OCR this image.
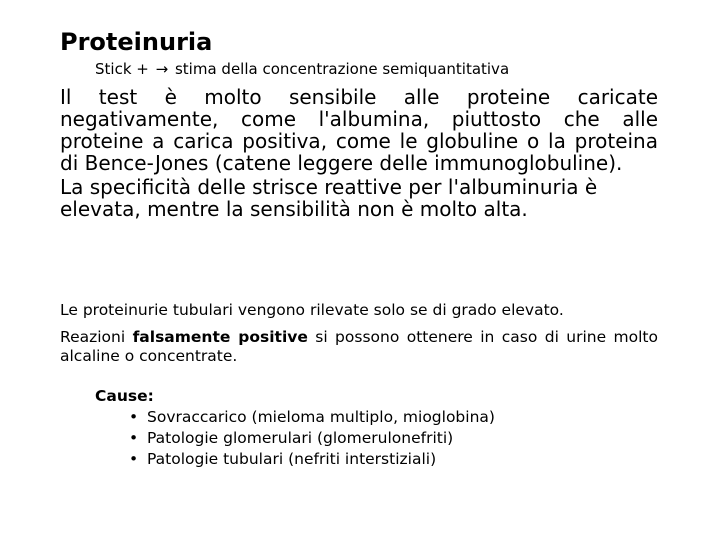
Proteinuria
Stick + → stima della concentrazione semiquantitativa

Il test è molto sensibile alle proteine caricate negativamente, come l'albumina, piuttosto che alle proteine a carica positiva, come le globuline o la proteina di Bence-Jones (catene leggere delle immunoglobuline).

La specificità delle strisce reattive per l'albuminuria è elevata, mentre la sensibilità non è molto alta.

Le proteinurie tubulari vengono rilevate solo se di grado elevato.

Reazioni falsamente positive si possono ottenere in caso di urine molto alcaline o concentrate.

Cause:
• Sovraccarico (mieloma multiplo, mioglobina)
• Patologie glomerulari (glomerulonefriti)
• Patologie tubulari (nefriti interstiziali)
